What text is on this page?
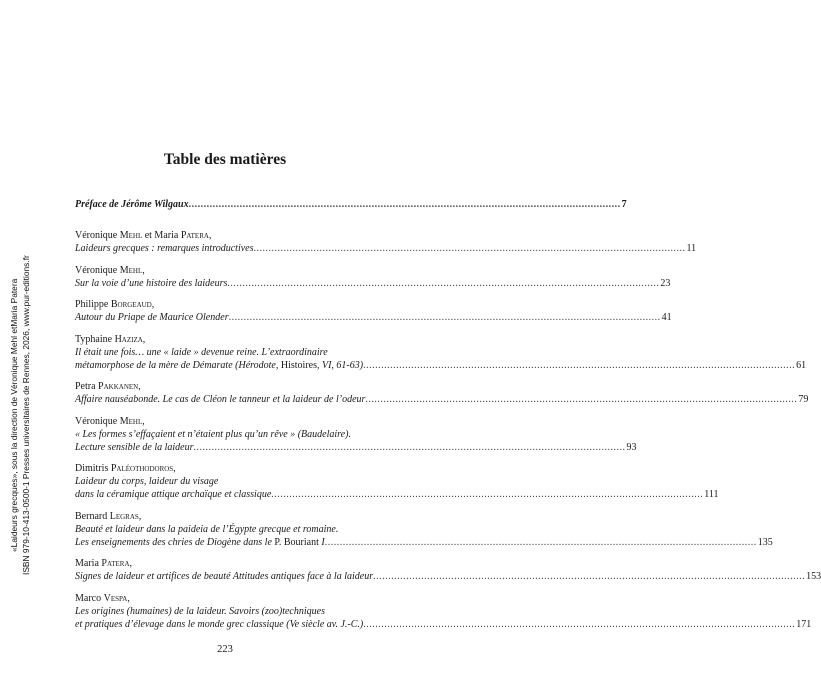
«Laideurs grecques», sous la direction de Véronique Mehl etMaria Patera ISBN 979-10-413-0500-1 Presses universitaires de Rennes, 2026, www.pur-editions.fr
Table des matières
Préface de Jérôme Wilgaux .....	7
Véronique Mehl et Maria Patera,
Laideurs grecques : remarques introductives .....	11
Véronique Mehl,
Sur la voie d’une histoire des laideurs .....	23
Philippe Borgeaud,
Autour du Priape de Maurice Olender .....	41
Typhaine Haziza,
Il était une fois… une « laide » devenue reine. L’extraordinaire
métamorphose de la mère de Démarate (Hérodote, Histoires, VI, 61-63) .....	61
Petra Pakkanen,
Affaire nauséabonde. Le cas de Cléon le tanneur et la laideur de l’odeur .....	79
Véronique Mehl,
« Les formes s’effaçaient et n’étaient plus qu’un rêve » (Baudelaire).
Lecture sensible de la laideur .....	93
Dimitris Paléothodoros,
Laideur du corps, laideur du visage
dans la céramique attique archaïque et classique .....	111
Bernard Legras,
Beauté et laideur dans la paideia de l’Égypte grecque et romaine.
Les enseignements des chries de Diogène dans le P. Bouriant I .....	135
Maria Patera,
Signes de laideur et artifices de beauté Attitudes antiques face à la laideur .....	153
Marco Vespa,
Les origines (humaines) de la laideur. Savoirs (zoo)techniques
et pratiques d’élevage dans le monde grec classique (Ve siècle av. J.-C.) .....	171
223
